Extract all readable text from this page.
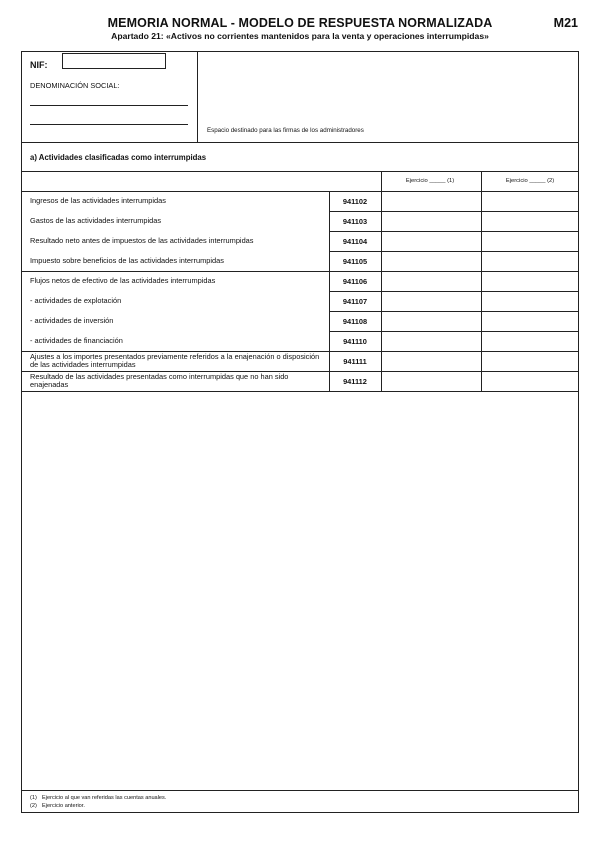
MEMORIA NORMAL - MODELO DE RESPUESTA NORMALIZADA	M21
Apartado 21: «Activos no corrientes mantenidos para la venta y operaciones interrumpidas»
NIF:
DENOMINACIÓN SOCIAL:
Espacio destinado para las firmas de los administradores
a) Actividades clasificadas como interrumpidas
Ejercicio _____ (1)	Ejercicio _____ (2)
Ingresos de las actividades interrumpidas	941102
Gastos de las actividades interrumpidas	941103
Resultado neto antes de impuestos de las actividades interrumpidas	941104
Impuesto sobre beneficios de las actividades interrumpidas	941105
Flujos netos de efectivo de las actividades interrumpidas	941106
- actividades de explotación	941107
- actividades de inversión	941108
- actividades de financiación	941110
Ajustes a los importes presentados previamente referidos a la enajenación o disposición de las actividades interrumpidas	941111
Resultado de las actividades presentadas como interrumpidas que no han sido enajenadas	941112
(1) Ejercicio al que van referidas las cuentas anuales.
(2) Ejercicio anterior.
